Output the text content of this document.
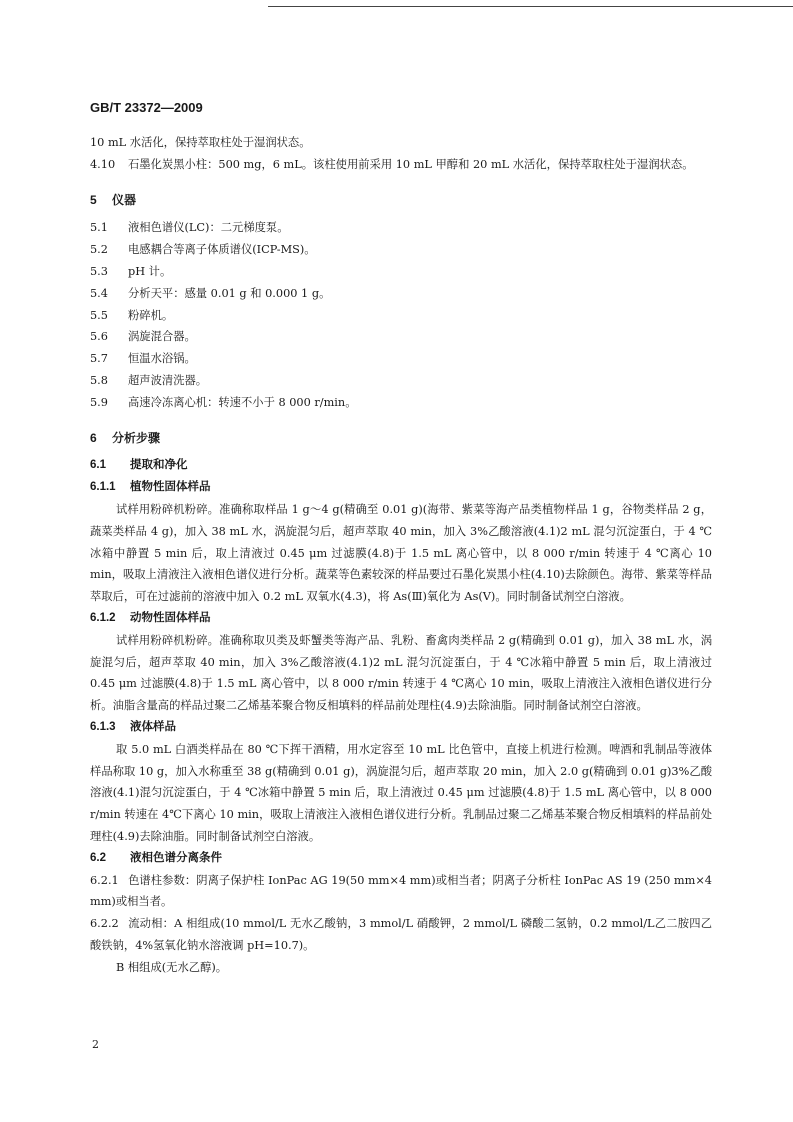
GB/T 23372—2009

10 mL 水活化，保持萃取柱处于湿润状态。

4.10 石墨化炭黑小柱：500 mg，6 mL。该柱使用前采用 10 mL 甲醇和 20 mL 水活化，保持萃取柱处于湿润状态。

5 仪器

5.1 液相色谱仪(LC)：二元梯度泵。

5.2 电感耦合等离子体质谱仪(ICP-MS)。

5.3 pH 计。

5.4 分析天平：感量 0.01 g 和 0.000 1 g。

5.5 粉碎机。

5.6 涡旋混合器。

5.7 恒温水浴锅。

5.8 超声波清洗器。

5.9 高速冷冻离心机：转速不小于 8 000 r/min。

6 分析步骤

6.1 提取和净化

6.1.1 植物性固体样品

试样用粉碎机粉碎。准确称取样品 1 g～4 g(精确至 0.01 g)(海带、紫菜等海产品类植物样品 1 g，谷物类样品 2 g，蔬菜类样品 4 g)，加入 38 mL 水，涡旋混匀后，超声萃取 40 min，加入 3%乙酸溶液(4.1)2 mL 混匀沉淀蛋白，于 4 ℃冰箱中静置 5 min 后，取上清液过 0.45 μm 过滤膜(4.8)于 1.5 mL 离心管中，以 8 000 r/min 转速于 4 ℃离心 10 min，吸取上清液注入液相色谱仪进行分析。蔬菜等色素较深的样品要过石墨化炭黑小柱(4.10)去除颜色。海带、紫菜等样品萃取后，可在过滤前的溶液中加入 0.2 mL 双氧水(4.3)，将 As(Ⅲ)氧化为 As(Ⅴ)。同时制备试剂空白溶液。

6.1.2 动物性固体样品

试样用粉碎机粉碎。准确称取贝类及虾蟹类等海产品、乳粉、畜禽肉类样品 2 g(精确到 0.01 g)，加入 38 mL 水，涡旋混匀后，超声萃取 40 min，加入 3%乙酸溶液(4.1)2 mL 混匀沉淀蛋白，于 4 ℃冰箱中静置 5 min 后，取上清液过 0.45 μm 过滤膜(4.8)于 1.5 mL 离心管中，以 8 000 r/min 转速于 4 ℃离心 10 min，吸取上清液注入液相色谱仪进行分析。油脂含量高的样品过聚二乙烯基苯聚合物反相填料的样品前处理柱(4.9)去除油脂。同时制备试剂空白溶液。

6.1.3 液体样品

取 5.0 mL 白酒类样品在 80 ℃下挥干酒精，用水定容至 10 mL 比色管中，直接上机进行检测。啤酒和乳制品等液体样品称取 10 g，加入水称重至 38 g(精确到 0.01 g)，涡旋混匀后，超声萃取 20 min，加入 2.0 g(精确到 0.01 g)3%乙酸溶液(4.1)混匀沉淀蛋白，于 4 ℃冰箱中静置 5 min 后，取上清液过 0.45 μm 过滤膜(4.8)于 1.5 mL 离心管中，以 8 000 r/min 转速在 4℃下离心 10 min，吸取上清液注入液相色谱仪进行分析。乳制品过聚二乙烯基苯聚合物反相填料的样品前处理柱(4.9)去除油脂。同时制备试剂空白溶液。

6.2 液相色谱分离条件

6.2.1 色谱柱参数：阴离子保护柱 IonPac AG 19(50 mm×4 mm)或相当者；阴离子分析柱 IonPac AS 19 (250 mm×4 mm)或相当者。

6.2.2 流动相：A 相组成(10 mmol/L 无水乙酸钠，3 mmol/L 硝酸钾，2 mmol/L 磷酸二氢钠，0.2 mmol/L乙二胺四乙酸铁钠，4%氢氧化钠水溶液调 pH=10.7)。

B 相组成(无水乙醇)。

2
